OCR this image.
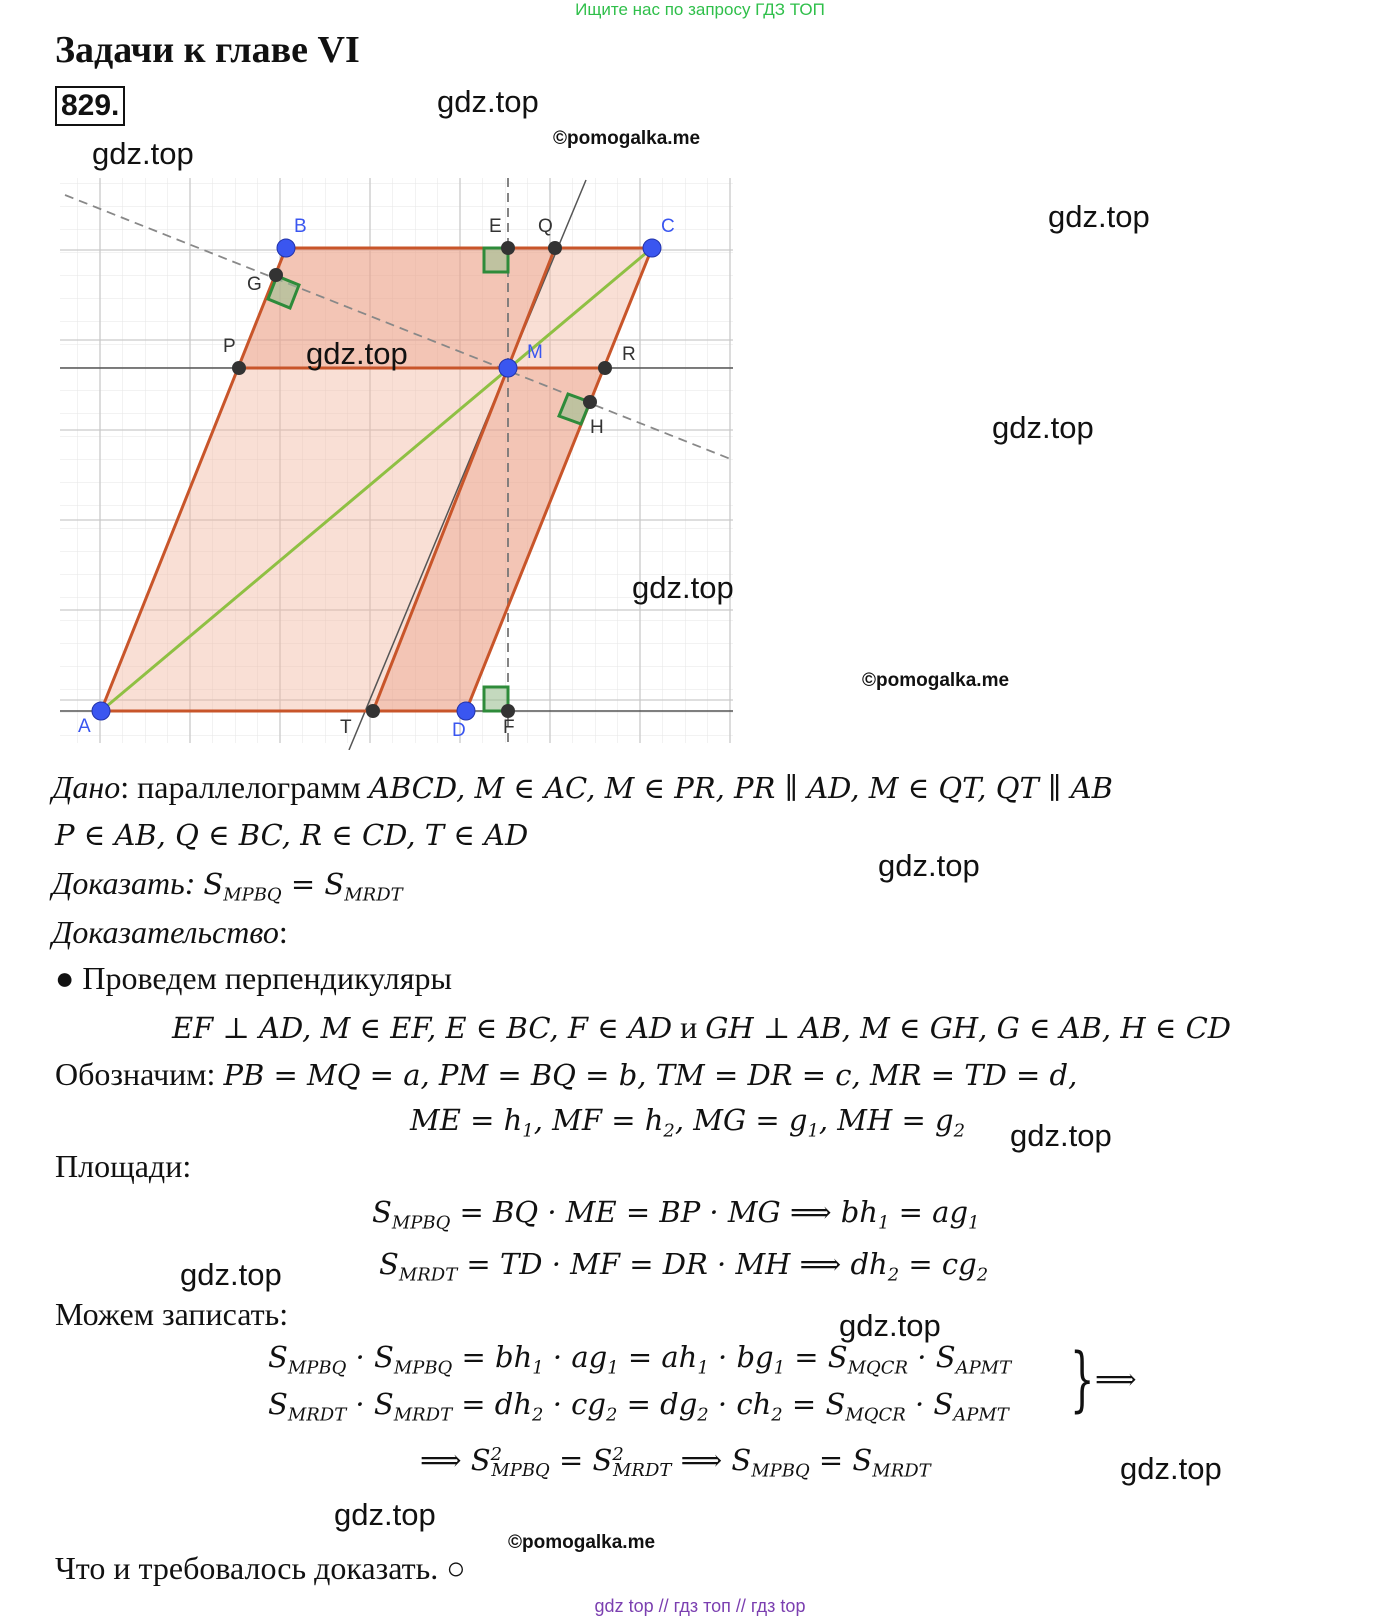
Ищите нас по запросу ГДЗ ТОП
Задачи к главе VI
829.
A
B	C
D
M
E Q
P	R
T	F
G
H
gdz.top
gdz.top
gdz.top
gdz.top
gdz.top
gdz.top
gdz.top
gdz.top
gdz.top
gdz.top
gdz.top
gdz.top
©pomogalka.me
©pomogalka.me
©pomogalka.me
Дано: параллелограмм ABCD, M ∈ AC, M ∈ PR, PR ∥ AD, M ∈ QT, QT ∥ AB
P ∈ AB, Q ∈ BC, R ∈ CD, T ∈ AD
Доказать: $S_{MPBQ} = S_{MRDT}$
Доказательство:
● Проведем перпендикуляры
EF ⊥ AD, M ∈ EF, E ∈ BC, F ∈ AD и GH ⊥ AB, M ∈ GH, G ∈ AB, H ∈ CD
Обозначим: PB = MQ = a, PM = BQ = b, TM = DR = c, MR = TD = d,
ME = $h_1$, MF = $h_2$, MG = $g_1$, MH = $g_2$
Площади:
$S_{MPBQ}$ = BQ · ME = BP · MG ⟹ $bh_1 = ag_1$
$S_{MRDT}$ = TD · MF = DR · MH ⟹ $dh_2 = cg_2$
Можем записать:
$S_{MPBQ} \cdot S_{MPBQ} = bh_1 \cdot ag_1 = ah_1 \cdot bg_1 = S_{MQCR} \cdot S_{APMT}$
$S_{MRDT} \cdot S_{MRDT} = dh_2 \cdot cg_2 = dg_2 \cdot ch_2 = S_{MQCR} \cdot S_{APMT}$ } ⟹
⟹ $S^2_{MPBQ} = S^2_{MRDT}$ ⟹ $S_{MPBQ} = S_{MRDT}$
Что и требовалось доказать. ○
gdz top // гдз топ // гдз top
